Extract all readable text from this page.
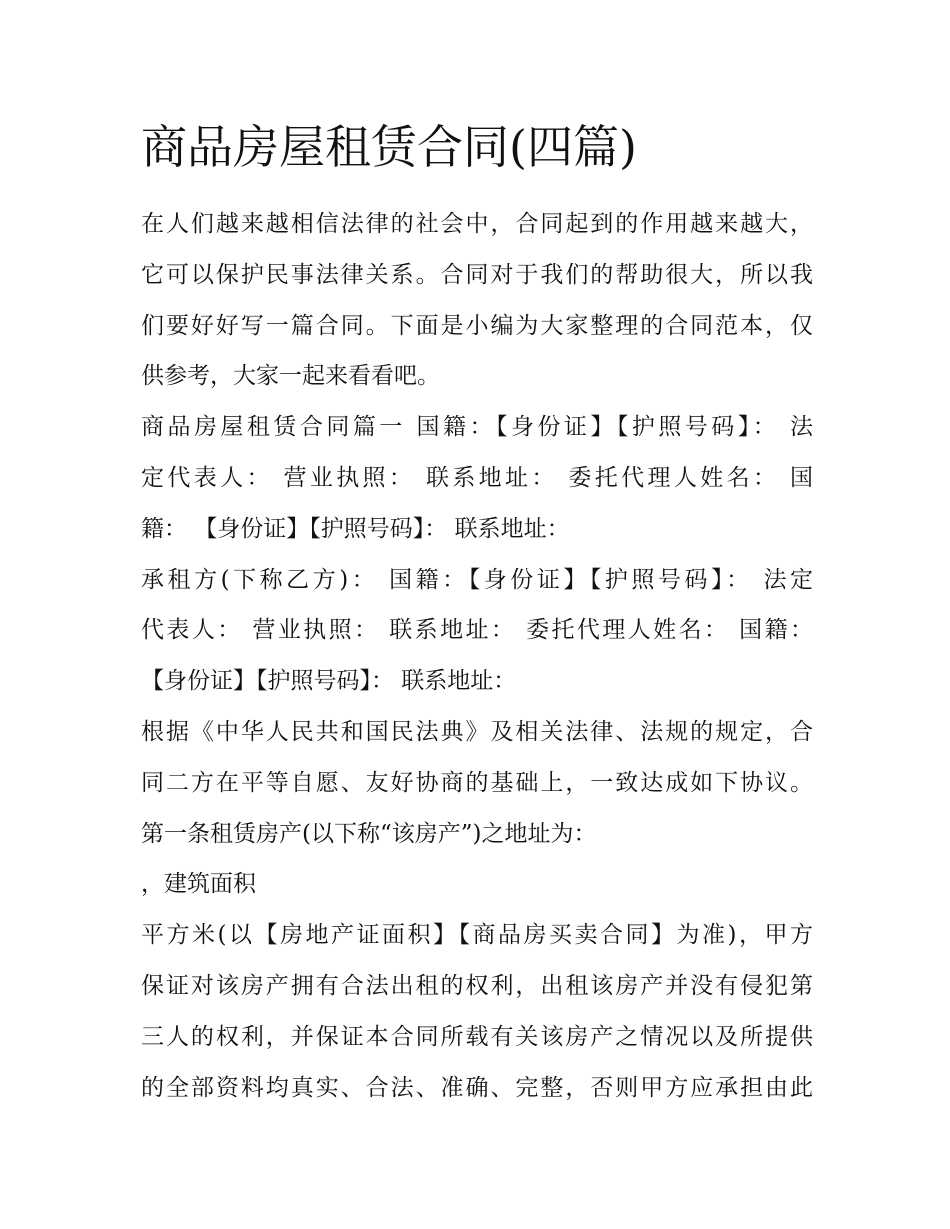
商品房屋租赁合同(四篇)
在人们越来越相信法律的社会中，合同起到的作用越来越大，
它可以保护民事法律关系。合同对于我们的帮助很大，所以我
们要好好写一篇合同。下面是小编为大家整理的合同范本，仅
供参考，大家一起来看看吧。
商品房屋租赁合同篇一 国籍：【身份证】【护照号码】： 法
定代表人： 营业执照： 联系地址： 委托代理人姓名： 国
籍： 【身份证】【护照号码】： 联系地址：
承租方(下称乙方)： 国籍：【身份证】【护照号码】： 法定
代表人： 营业执照： 联系地址： 委托代理人姓名： 国籍：
【身份证】【护照号码】： 联系地址：
根据《中华人民共和国民法典》及相关法律、法规的规定，合
同二方在平等自愿、友好协商的基础上，一致达成如下协议。
第一条租赁房产(以下称“该房产”)之地址为：
，建筑面积
平方米(以【房地产证面积】【商品房买卖合同】为准)，甲方
保证对该房产拥有合法出租的权利，出租该房产并没有侵犯第
三人的权利，并保证本合同所载有关该房产之情况以及所提供
的全部资料均真实、合法、准确、完整，否则甲方应承担由此
